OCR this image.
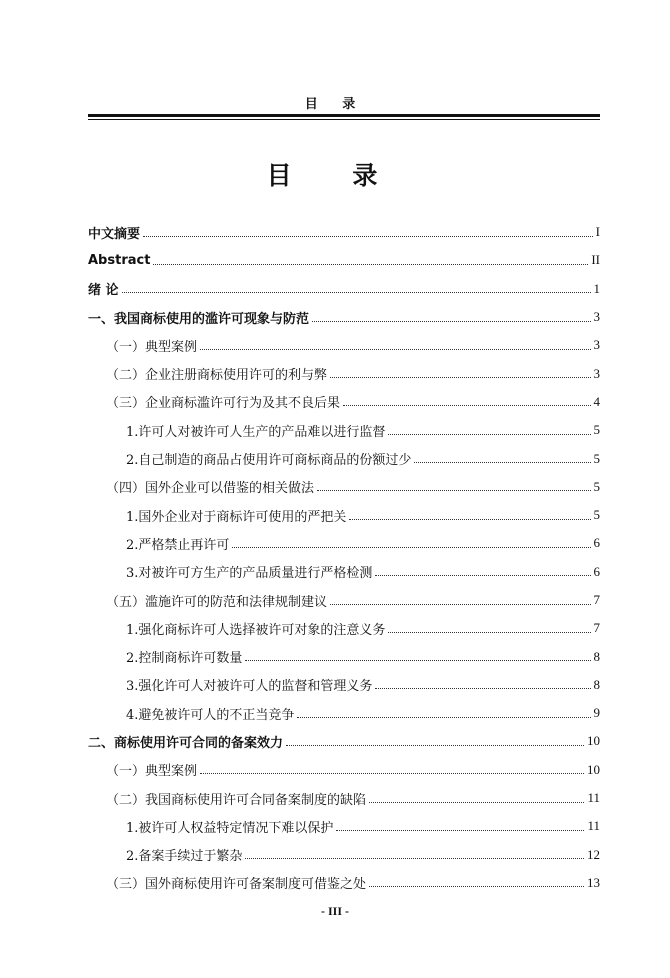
目 录
目 录
中文摘要	I
Abstract	II
绪 论	1
一、我国商标使用的滥许可现象与防范	3
（一）典型案例	3
（二）企业注册商标使用许可的利与弊	3
（三）企业商标滥许可行为及其不良后果	4
1.许可人对被许可人生产的产品难以进行监督	5
2.自己制造的商品占使用许可商标商品的份额过少	5
（四）国外企业可以借鉴的相关做法	5
1.国外企业对于商标许可使用的严把关	5
2.严格禁止再许可	6
3.对被许可方生产的产品质量进行严格检测	6
（五）滥施许可的防范和法律规制建议	7
1.强化商标许可人选择被许可对象的注意义务	7
2.控制商标许可数量	8
3.强化许可人对被许可人的监督和管理义务	8
4.避免被许可人的不正当竞争	9
二、商标使用许可合同的备案效力	10
（一）典型案例	10
（二）我国商标使用许可合同备案制度的缺陷	11
1.被许可人权益特定情况下难以保护	11
2.备案手续过于繁杂	12
（三）国外商标使用许可备案制度可借鉴之处	13
- III -
